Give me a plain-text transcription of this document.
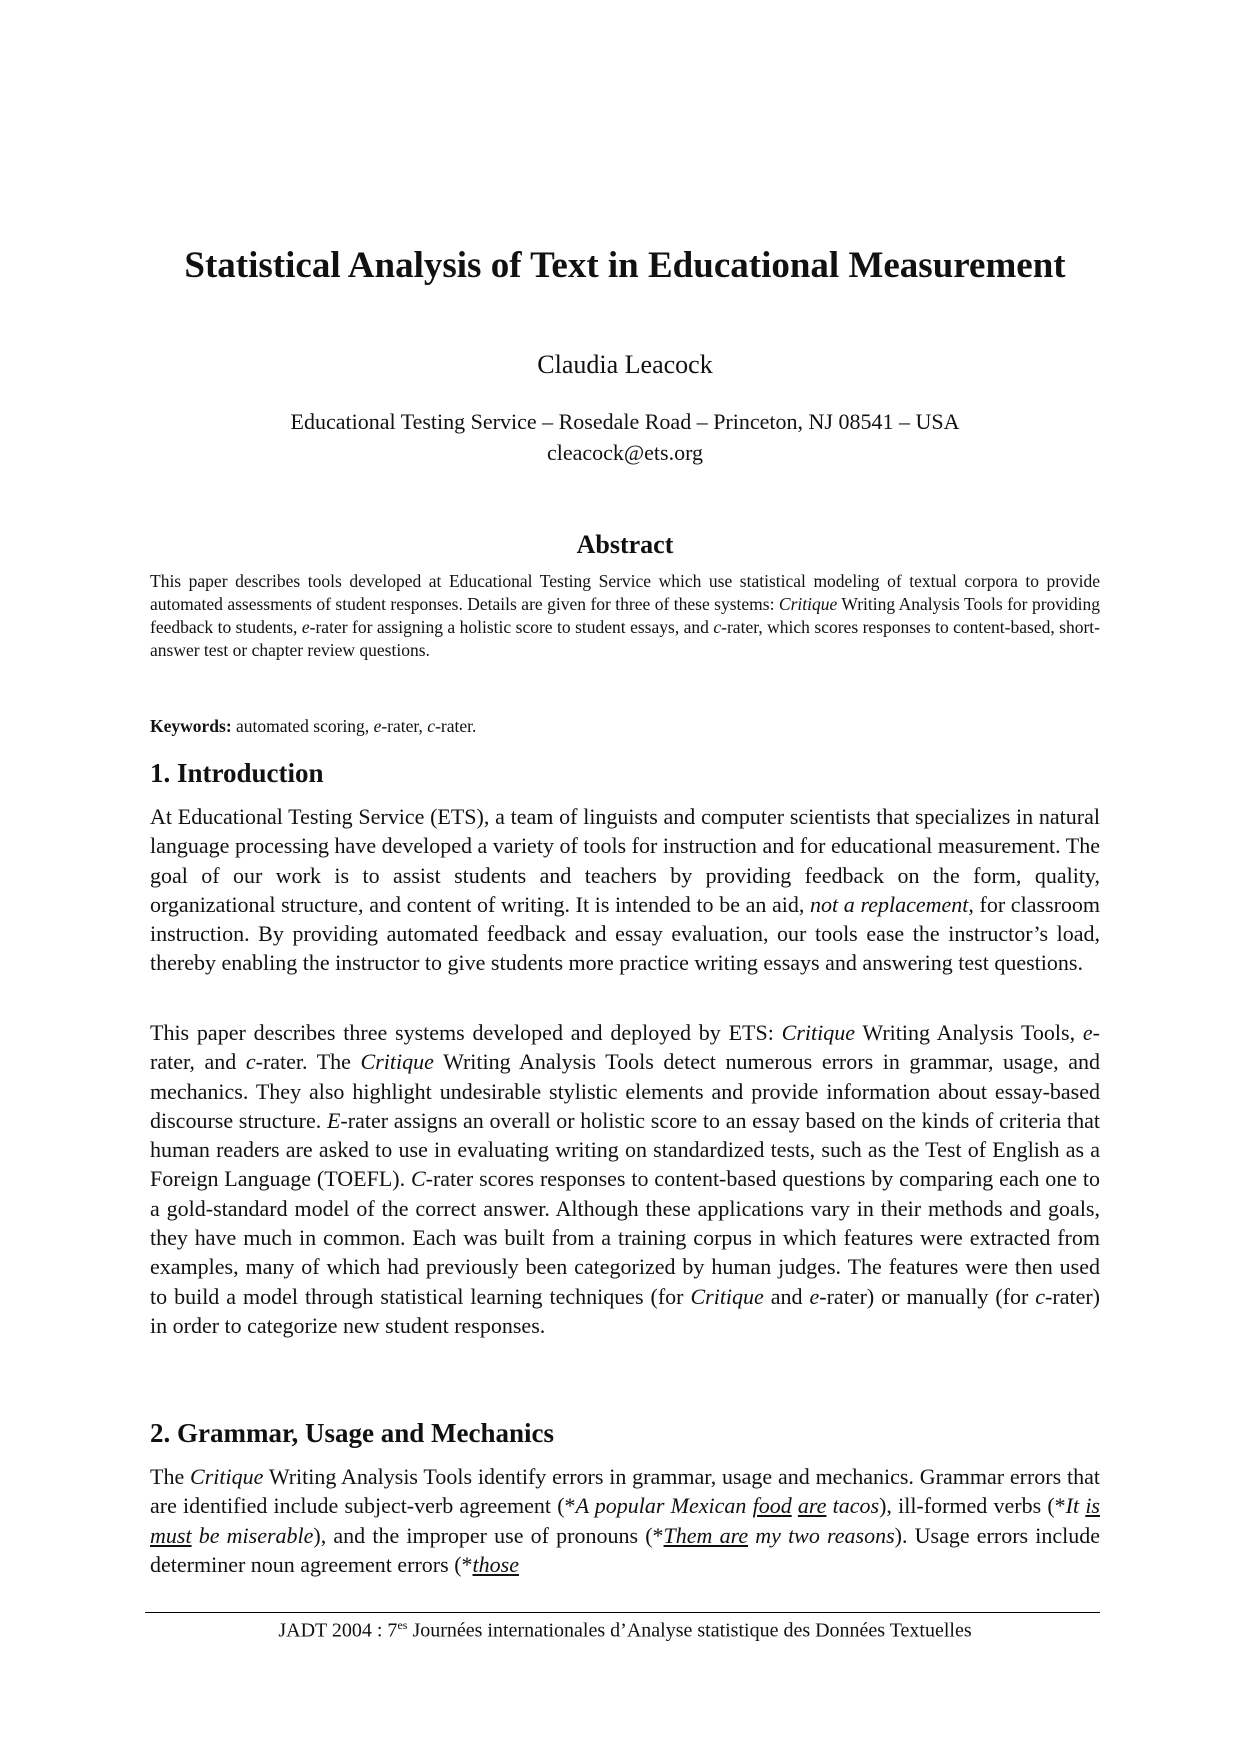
Statistical Analysis of Text in Educational Measurement
Claudia Leacock
Educational Testing Service – Rosedale Road – Princeton, NJ 08541 – USA
cleacock@ets.org
Abstract

This paper describes tools developed at Educational Testing Service which use statistical modeling of textual corpora to provide automated assessments of student responses. Details are given for three of these systems: Critique Writing Analysis Tools for providing feedback to students, e-rater for assigning a holistic score to student essays, and c-rater, which scores responses to content-based, short-answer test or chapter review questions.

Keywords: automated scoring, e-rater, c-rater.
1. Introduction

At Educational Testing Service (ETS), a team of linguists and computer scientists that specializes in natural language processing have developed a variety of tools for instruction and for educational measurement. The goal of our work is to assist students and teachers by providing feedback on the form, quality, organizational structure, and content of writing. It is intended to be an aid, not a replacement, for classroom instruction. By providing automated feedback and essay evaluation, our tools ease the instructor’s load, thereby enabling the instructor to give students more practice writing essays and answering test questions.

This paper describes three systems developed and deployed by ETS: Critique Writing Analysis Tools, e-rater, and c-rater. The Critique Writing Analysis Tools detect numerous errors in grammar, usage, and mechanics. They also highlight undesirable stylistic elements and provide information about essay-based discourse structure. E-rater assigns an overall or holistic score to an essay based on the kinds of criteria that human readers are asked to use in evaluating writing on standardized tests, such as the Test of English as a Foreign Language (TOEFL). C-rater scores responses to content-based questions by comparing each one to a gold-standard model of the correct answer. Although these applications vary in their methods and goals, they have much in common. Each was built from a training corpus in which features were extracted from examples, many of which had previously been categorized by human judges. The features were then used to build a model through statistical learning techniques (for Critique and e-rater) or manually (for c-rater) in order to categorize new student responses.

2. Grammar, Usage and Mechanics

The Critique Writing Analysis Tools identify errors in grammar, usage and mechanics. Grammar errors that are identified include subject-verb agreement (*A popular Mexican food are tacos), ill-formed verbs (*It is must be miserable), and the improper use of pronouns (*Them are my two reasons). Usage errors include determiner noun agreement errors (*those

JADT 2004 : $7^{es}$ Journées internationales d’Analyse statistique des Données Textuelles
